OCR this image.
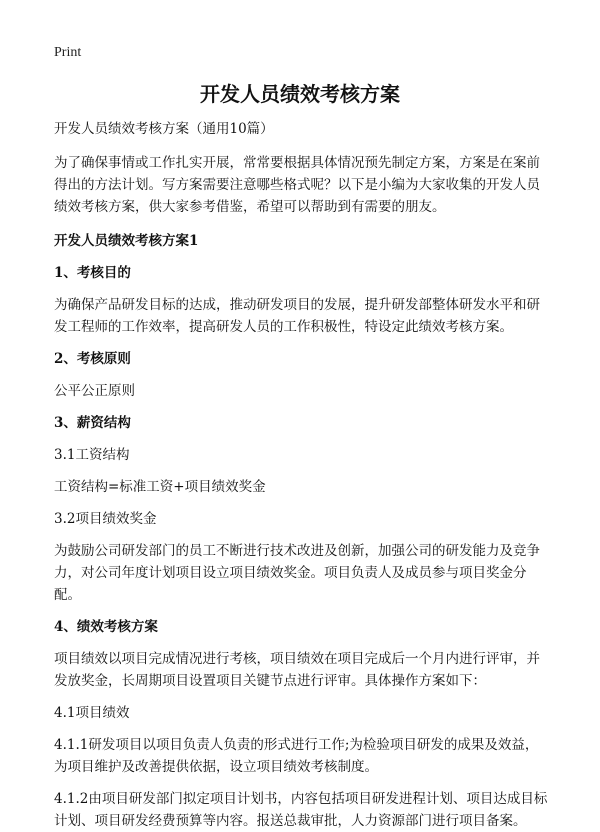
Print
开发人员绩效考核方案

开发人员绩效考核方案（通用10篇）

为了确保事情或工作扎实开展，常常要根据具体情况预先制定方案，方案是在案前得出的方法计划。写方案需要注意哪些格式呢？以下是小编为大家收集的开发人员绩效考核方案，供大家参考借鉴，希望可以帮助到有需要的朋友。

开发人员绩效考核方案1

1、考核目的

为确保产品研发目标的达成，推动研发项目的发展，提升研发部整体研发水平和研发工程师的工作效率，提高研发人员的工作积极性，特设定此绩效考核方案。

2、考核原则

公平公正原则

3、薪资结构

3.1工资结构

工资结构=标准工资+项目绩效奖金

3.2项目绩效奖金

为鼓励公司研发部门的员工不断进行技术改进及创新，加强公司的研发能力及竞争力，对公司年度计划项目设立项目绩效奖金。项目负责人及成员参与项目奖金分配。

4、绩效考核方案

项目绩效以项目完成情况进行考核，项目绩效在项目完成后一个月内进行评审，并发放奖金，长周期项目设置项目关键节点进行评审。具体操作方案如下：

4.1项目绩效

4.1.1研发项目以项目负责人负责的形式进行工作;为检验项目研发的成果及效益，为项目维护及改善提供依据，设立项目绩效考核制度。

4.1.2由项目研发部门拟定项目计划书，内容包括项目研发进程计划、项目达成目标计划、项目研发经费预算等内容。报送总裁审批，人力资源部门进行项目备案。
